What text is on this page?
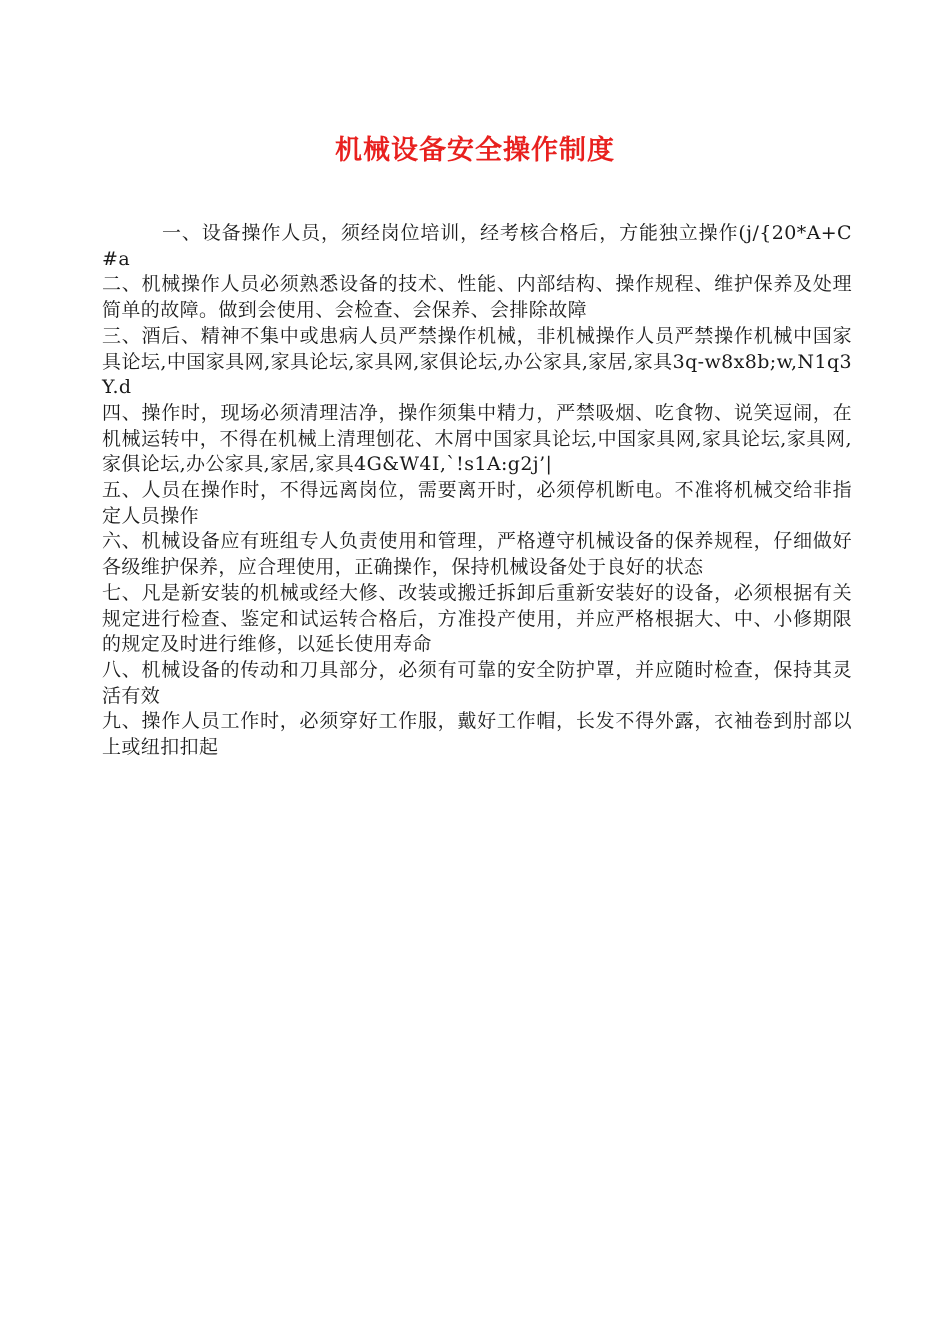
机械设备安全操作制度

一、设备操作人员，须经岗位培训，经考核合格后，方能独立操作(j/{20*A+C#a

二、机械操作人员必须熟悉设备的技术、性能、内部结构、操作规程、维护保养及处理简单的故障。做到会使用、会检查、会保养、会排除故障

三、酒后、精神不集中或患病人员严禁操作机械，非机械操作人员严禁操作机械中国家具论坛,中国家具网,家具论坛,家具网,家俱论坛,办公家具,家居,家具3q-w8x8b;w,N1q3Y.d

四、操作时，现场必须清理洁净，操作须集中精力，严禁吸烟、吃食物、说笑逗闹，在机械运转中，不得在机械上清理刨花、木屑中国家具论坛,中国家具网,家具论坛,家具网,家俱论坛,办公家具,家居,家具4G&W4I,`!s1A:g2j’|

五、人员在操作时，不得远离岗位，需要离开时，必须停机断电。不准将机械交给非指定人员操作

六、机械设备应有班组专人负责使用和管理，严格遵守机械设备的保养规程，仔细做好各级维护保养，应合理使用，正确操作，保持机械设备处于良好的状态

七、凡是新安装的机械或经大修、改装或搬迁拆卸后重新安装好的设备，必须根据有关规定进行检查、鉴定和试运转合格后，方准投产使用，并应严格根据大、中、小修期限的规定及时进行维修，以延长使用寿命

八、机械设备的传动和刀具部分，必须有可靠的安全防护罩，并应随时检查，保持其灵活有效

九、操作人员工作时，必须穿好工作服，戴好工作帽，长发不得外露，衣袖卷到肘部以上或纽扣扣起
